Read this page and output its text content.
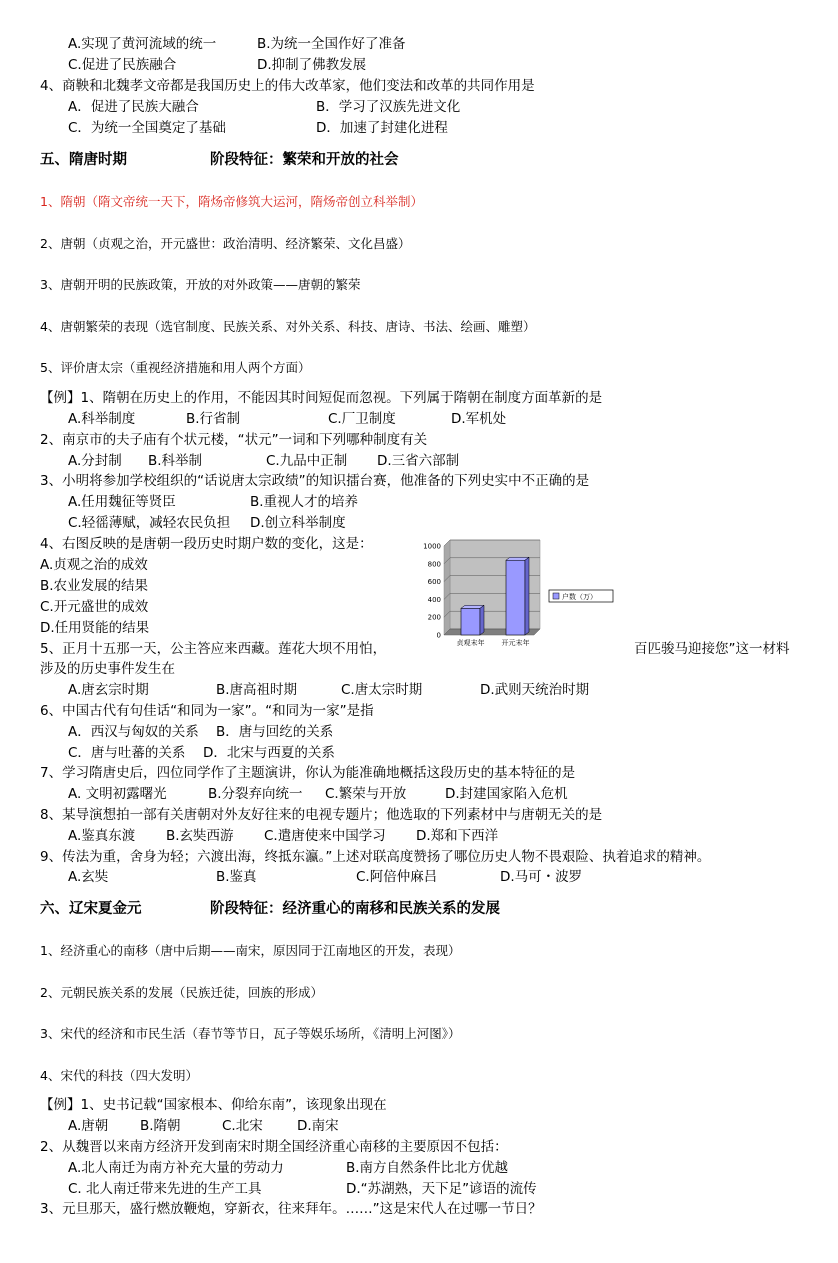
A.实现了黄河流域的统一	B.为统一全国作好了准备
C.促进了民族融合	D.抑制了佛教发展
4、商鞅和北魏孝文帝都是我国历史上的伟大改革家，他们变法和改革的共同作用是
A．促进了民族大融合	B．学习了汉族先进文化
C．为统一全国奠定了基础	D．加速了封建化进程
五、隋唐时期	阶段特征：繁荣和开放的社会
1、隋朝（隋文帝统一天下，隋炀帝修筑大运河，隋炀帝创立科举制）
2、唐朝（贞观之治，开元盛世：政治清明、经济繁荣、文化昌盛）
3、唐朝开明的民族政策，开放的对外政策——唐朝的繁荣
4、唐朝繁荣的表现（选官制度、民族关系、对外关系、科技、唐诗、书法、绘画、雕塑）
5、评价唐太宗（重视经济措施和用人两个方面）
【例】1、隋朝在历史上的作用，不能因其时间短促而忽视。下列属于隋朝在制度方面革新的是
A.科举制度	B.行省制	C.厂卫制度	D.军机处
2、南京市的夫子庙有个状元楼，“状元”一词和下列哪种制度有关
A.分封制 B.科举制	C.九品中正制 D.三省六部制
3、小明将参加学校组织的“话说唐太宗政绩”的知识擂台赛，他准备的下列史实中不正确的是
A.任用魏征等贤臣	B.重视人才的培养
C.轻徭薄赋，减轻农民负担 D.创立科举制度
4、右图反映的是唐朝一段历史时期户数的变化，这是：
A.贞观之治的成效
B.农业发展的结果
C.开元盛世的成效
D.任用贤能的结果	0
200
400
600
800
1000
贞观末年 开元末年
户数（万）
5、正月十五那一天，公主答应来西藏。莲花大坝不用怕，	百匹骏马迎接您”这一材料
涉及的历史事件发生在
A.唐玄宗时期	B.唐高祖时期	C.唐太宗时期	D.武则天统治时期
6、中国古代有句佳话“和同为一家”。“和同为一家”是指
A．西汉与匈奴的关系 B．唐与回纥的关系
C．唐与吐蕃的关系 D．北宋与西夏的关系
7、学习隋唐史后，四位同学作了主题演讲，你认为能准确地概括这段历史的基本特征的是
A. 文明初露曙光	B.分裂弃向统一 C.繁荣与开放	D.封建国家陷入危机
8、某导演想拍一部有关唐朝对外友好往来的电视专题片；他选取的下列素材中与唐朝无关的是
A.鉴真东渡 B.玄奘西游 C.遣唐使来中国学习 D.郑和下西洋
9、传法为重，舍身为轻；六渡出海，终抵东瀛。”上述对联高度赞扬了哪位历史人物不畏艰险、执着追求的精神。
A.玄奘	B.鉴真	C.阿倍仲麻吕	D.马可・波罗
六、辽宋夏金元	阶段特征：经济重心的南移和民族关系的发展
1、经济重心的南移（唐中后期——南宋，原因同于江南地区的开发，表现）
2、元朝民族关系的发展（民族迁徒，回族的形成）
3、宋代的经济和市民生活（春节等节日，瓦子等娱乐场所，《清明上河图》）
4、宋代的科技（四大发明）
【例】1、史书记载“国家根本、仰给东南”，该现象出现在
A.唐朝 B.隋朝	C.北宋	D.南宋
2、从魏晋以来南方经济开发到南宋时期全国经济重心南移的主要原因不包括：
A.北人南迁为南方补充大量的劳动力	B.南方自然条件比北方优越
C. 北人南迁带来先进的生产工具	D.“苏湖熟，天下足”谚语的流传
3、元旦那天，盛行燃放鞭炮，穿新衣，往来拜年。……”这是宋代人在过哪一节日？
